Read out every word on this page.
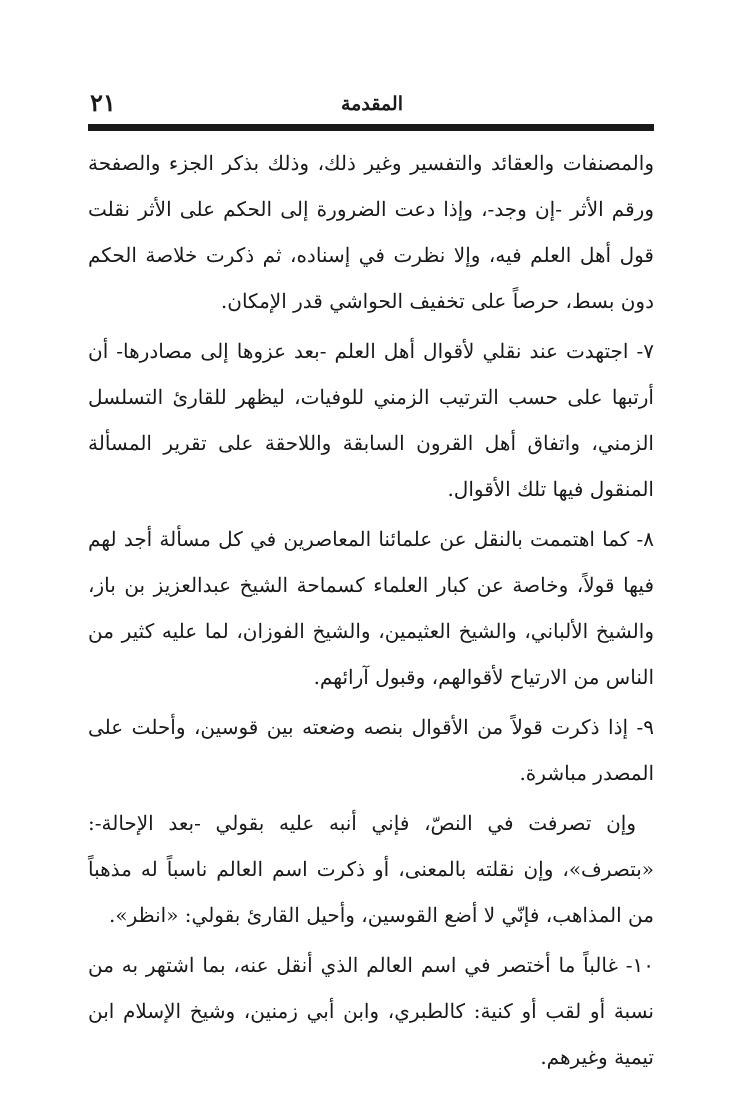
٢١	المقدمة

والمصنفات والعقائد والتفسير وغير ذلك، وذلك بذكر الجزء والصفحة ورقم الأثر -إن وجد-، وإذا دعت الضرورة إلى الحكم على الأثر نقلت قول أهل العلم فيه، وإلا نظرت في إسناده، ثم ذكرت خلاصة الحكم دون بسط، حرصاً على تخفيف الحواشي قدر الإمكان.

٧- اجتهدت عند نقلي لأقوال أهل العلم -بعد عزوها إلى مصادرها- أن أرتبها على حسب الترتيب الزمني للوفيات، ليظهر للقارئ التسلسل الزمني، واتفاق أهل القرون السابقة واللاحقة على تقرير المسألة المنقول فيها تلك الأقوال.

٨- كما اهتممت بالنقل عن علمائنا المعاصرين في كل مسألة أجد لهم فيها قولاً، وخاصة عن كبار العلماء كسماحة الشيخ عبدالعزيز بن باز، والشيخ الألباني، والشيخ العثيمين، والشيخ الفوزان، لما عليه كثير من الناس من الارتياح لأقوالهم، وقبول آرائهم.

٩- إذا ذكرت قولاً من الأقوال بنصه وضعته بين قوسين، وأحلت على المصدر مباشرة.

وإن تصرفت في النصّ، فإني أنبه عليه بقولي -بعد الإحالة-: «بتصرف»، وإن نقلته بالمعنى، أو ذكرت اسم العالم ناسباً له مذهباً من المذاهب، فإنّي لا أضع القوسين، وأحيل القارئ بقولي: «انظر».

١٠- غالباً ما أختصر في اسم العالم الذي أنقل عنه، بما اشتهر به من نسبة أو لقب أو كنية: كالطبري، وابن أبي زمنين، وشيخ الإسلام ابن تيمية وغيرهم.
